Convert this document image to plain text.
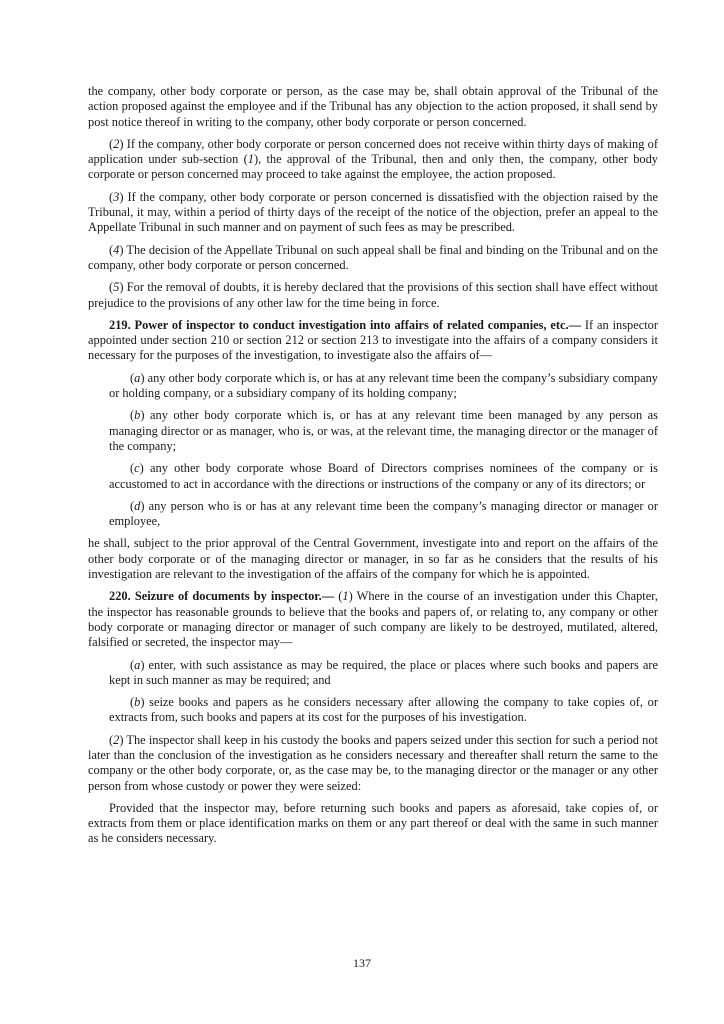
the company, other body corporate or person, as the case may be, shall obtain approval of the Tribunal of the action proposed against the employee and if the Tribunal has any objection to the action proposed, it shall send by post notice thereof in writing to the company, other body corporate or person concerned.

(2) If the company, other body corporate or person concerned does not receive within thirty days of making of application under sub-section (1), the approval of the Tribunal, then and only then, the company, other body corporate or person concerned may proceed to take against the employee, the action proposed.

(3) If the company, other body corporate or person concerned is dissatisfied with the objection raised by the Tribunal, it may, within a period of thirty days of the receipt of the notice of the objection, prefer an appeal to the Appellate Tribunal in such manner and on payment of such fees as may be prescribed.

(4) The decision of the Appellate Tribunal on such appeal shall be final and binding on the Tribunal and on the company, other body corporate or person concerned.

(5) For the removal of doubts, it is hereby declared that the provisions of this section shall have effect without prejudice to the provisions of any other law for the time being in force.

219. Power of inspector to conduct investigation into affairs of related companies, etc.— If an inspector appointed under section 210 or section 212 or section 213 to investigate into the affairs of a company considers it necessary for the purposes of the investigation, to investigate also the affairs of—

(a) any other body corporate which is, or has at any relevant time been the company’s subsidiary company or holding company, or a subsidiary company of its holding company;

(b) any other body corporate which is, or has at any relevant time been managed by any person as managing director or as manager, who is, or was, at the relevant time, the managing director or the manager of the company;

(c) any other body corporate whose Board of Directors comprises nominees of the company or is accustomed to act in accordance with the directions or instructions of the company or any of its directors; or

(d) any person who is or has at any relevant time been the company’s managing director or manager or employee,

he shall, subject to the prior approval of the Central Government, investigate into and report on the affairs of the other body corporate or of the managing director or manager, in so far as he considers that the results of his investigation are relevant to the investigation of the affairs of the company for which he is appointed.

220. Seizure of documents by inspector.— (1) Where in the course of an investigation under this Chapter, the inspector has reasonable grounds to believe that the books and papers of, or relating to, any company or other body corporate or managing director or manager of such company are likely to be destroyed, mutilated, altered, falsified or secreted, the inspector may—

(a) enter, with such assistance as may be required, the place or places where such books and papers are kept in such manner as may be required; and

(b) seize books and papers as he considers necessary after allowing the company to take copies of, or extracts from, such books and papers at its cost for the purposes of his investigation.

(2) The inspector shall keep in his custody the books and papers seized under this section for such a period not later than the conclusion of the investigation as he considers necessary and thereafter shall return the same to the company or the other body corporate, or, as the case may be, to the managing director or the manager or any other person from whose custody or power they were seized:

Provided that the inspector may, before returning such books and papers as aforesaid, take copies of, or extracts from them or place identification marks on them or any part thereof or deal with the same in such manner as he considers necessary.

137
